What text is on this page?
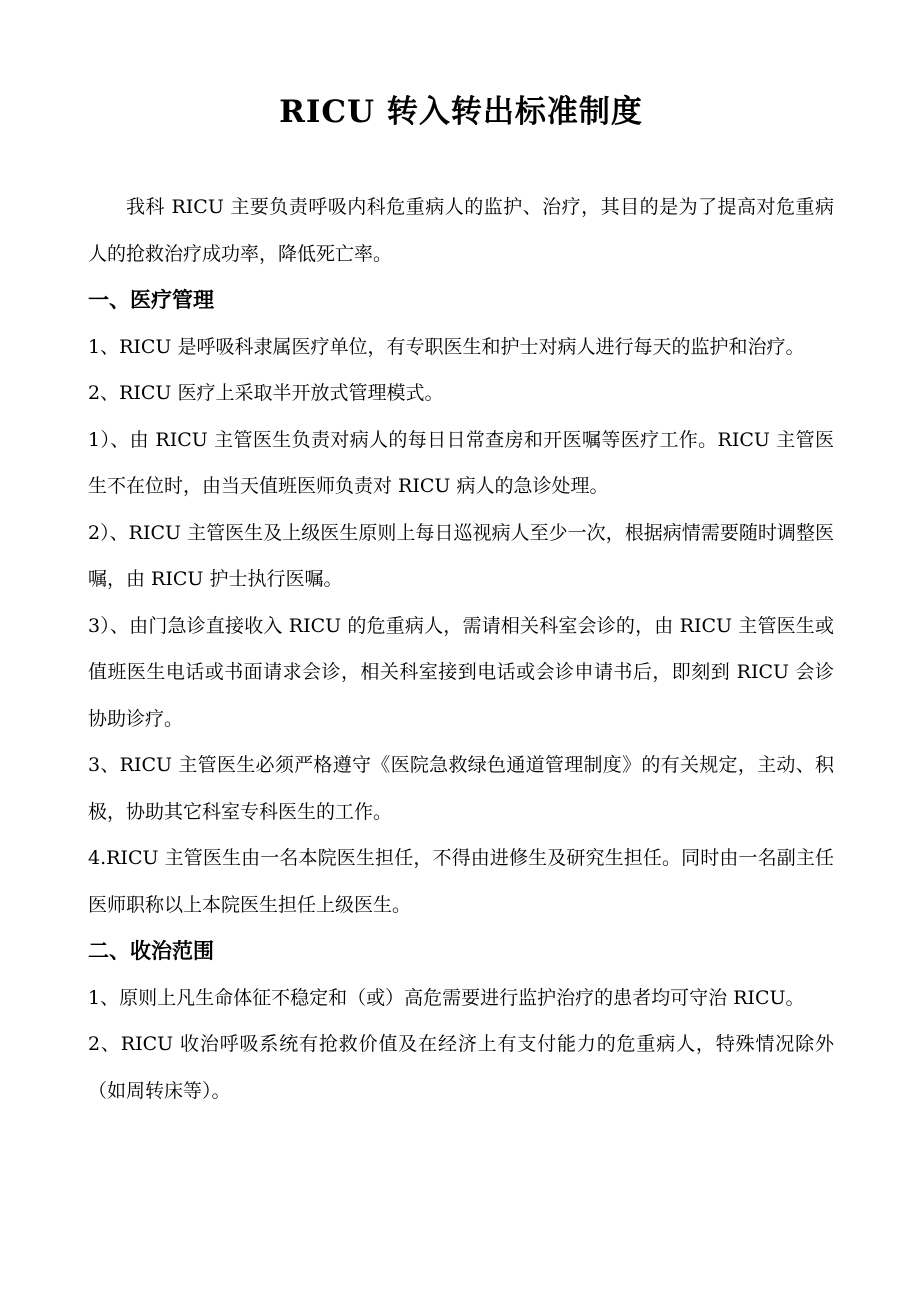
RICU 转入转出标准制度

我科 RICU 主要负责呼吸内科危重病人的监护、治疗，其目的是为了提高对危重病人的抢救治疗成功率，降低死亡率。

一、医疗管理

1、RICU 是呼吸科隶属医疗单位，有专职医生和护士对病人进行每天的监护和治疗。

2、RICU 医疗上采取半开放式管理模式。

1）、由 RICU 主管医生负责对病人的每日日常查房和开医嘱等医疗工作。RICU 主管医生不在位时，由当天值班医师负责对 RICU 病人的急诊处理。

2）、RICU 主管医生及上级医生原则上每日巡视病人至少一次，根据病情需要随时调整医嘱，由 RICU 护士执行医嘱。

3）、由门急诊直接收入 RICU 的危重病人，需请相关科室会诊的，由 RICU 主管医生或值班医生电话或书面请求会诊，相关科室接到电话或会诊申请书后，即刻到 RICU 会诊协助诊疗。

3、RICU 主管医生必须严格遵守《医院急救绿色通道管理制度》的有关规定，主动、积极，协助其它科室专科医生的工作。

4.RICU 主管医生由一名本院医生担任，不得由进修生及研究生担任。同时由一名副主任医师职称以上本院医生担任上级医生。

二、收治范围

1、原则上凡生命体征不稳定和（或）高危需要进行监护治疗的患者均可守治 RICU。

2、RICU 收治呼吸系统有抢救价值及在经济上有支付能力的危重病人，特殊情况除外（如周转床等）。
